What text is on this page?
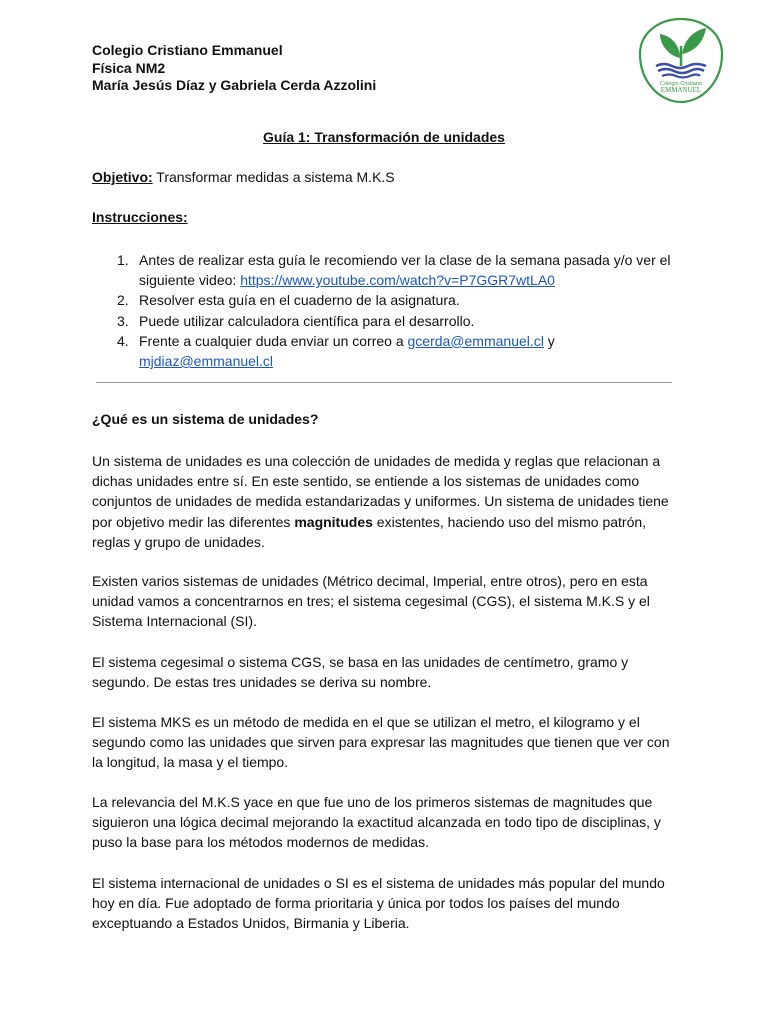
Colegio Cristiano Emmanuel
Física NM2
María Jesús Díaz y Gabriela Cerda Azzolini	Colegio Cristiano
EMMANUEL
Guía 1: Transformación de unidades
Objetivo: Transformar medidas a sistema M.K.S
Instrucciones:
1. Antes de realizar esta guía le recomiendo ver la clase de la semana pasada y/o ver el
siguiente video: https://www.youtube.com/watch?v=P7GGR7wtLA0
2. Resolver esta guía en el cuaderno de la asignatura.
3. Puede utilizar calculadora científica para el desarrollo.
4. Frente a cualquier duda enviar un correo a gcerda@emmanuel.cl y
mjdiaz@emmanuel.cl
¿Qué es un sistema de unidades?
Un sistema de unidades es una colección de unidades de medida y reglas que relacionan a
dichas unidades entre sí. En este sentido, se entiende a los sistemas de unidades como
conjuntos de unidades de medida estandarizadas y uniformes. Un sistema de unidades tiene
por objetivo medir las diferentes magnitudes existentes, haciendo uso del mismo patrón,
reglas y grupo de unidades.
Existen varios sistemas de unidades (Métrico decimal, Imperial, entre otros), pero en esta
unidad vamos a concentrarnos en tres; el sistema cegesimal (CGS), el sistema M.K.S y el
Sistema Internacional (SI).
El sistema cegesimal o sistema CGS, se basa en las unidades de centímetro, gramo y
segundo. De estas tres unidades se deriva su nombre.
El sistema MKS es un método de medida en el que se utilizan el metro, el kilogramo y el
segundo como las unidades que sirven para expresar las magnitudes que tienen que ver con
la longitud, la masa y el tiempo.
La relevancia del M.K.S yace en que fue uno de los primeros sistemas de magnitudes que
siguieron una lógica decimal mejorando la exactitud alcanzada en todo tipo de disciplinas, y
puso la base para los métodos modernos de medidas.
El sistema internacional de unidades o SI es el sistema de unidades más popular del mundo
hoy en día. Fue adoptado de forma prioritaria y única por todos los países del mundo
exceptuando a Estados Unidos, Birmania y Liberia.
